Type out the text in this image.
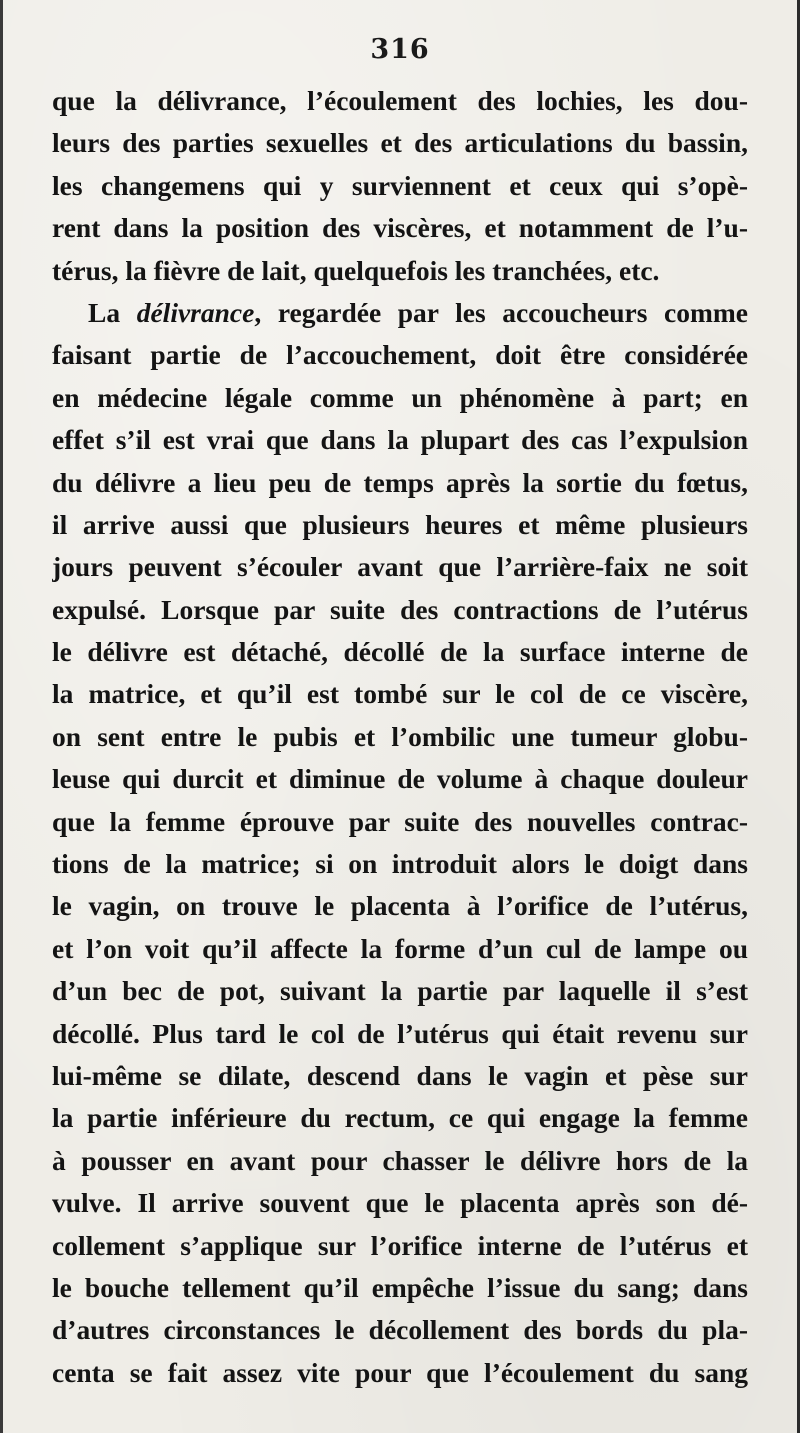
316
que la délivrance, l’écoulement des lochies, les dou-
leurs des parties sexuelles et des articulations du bassin,
les changemens qui y surviennent et ceux qui s’opè-
rent dans la position des viscères, et notamment de l’u-
térus, la fièvre de lait, quelquefois les tranchées, etc.
La délivrance, regardée par les accoucheurs comme
faisant partie de l’accouchement, doit être considérée
en médecine légale comme un phénomène à part; en
effet s’il est vrai que dans la plupart des cas l’expulsion
du délivre a lieu peu de temps après la sortie du fœtus,
il arrive aussi que plusieurs heures et même plusieurs
jours peuvent s’écouler avant que l’arrière-faix ne soit
expulsé. Lorsque par suite des contractions de l’utérus
le délivre est détaché, décollé de la surface interne de
la matrice, et qu’il est tombé sur le col de ce viscère,
on sent entre le pubis et l’ombilic une tumeur globu-
leuse qui durcit et diminue de volume à chaque douleur
que la femme éprouve par suite des nouvelles contrac-
tions de la matrice; si on introduit alors le doigt dans
le vagin, on trouve le placenta à l’orifice de l’utérus,
et l’on voit qu’il affecte la forme d’un cul de lampe ou
d’un bec de pot, suivant la partie par laquelle il s’est
décollé. Plus tard le col de l’utérus qui était revenu sur
lui-même se dilate, descend dans le vagin et pèse sur
la partie inférieure du rectum, ce qui engage la femme
à pousser en avant pour chasser le délivre hors de la
vulve. Il arrive souvent que le placenta après son dé-
collement s’applique sur l’orifice interne de l’utérus et
le bouche tellement qu’il empêche l’issue du sang; dans
d’autres circonstances le décollement des bords du pla-
centa se fait assez vite pour que l’écoulement du sang
